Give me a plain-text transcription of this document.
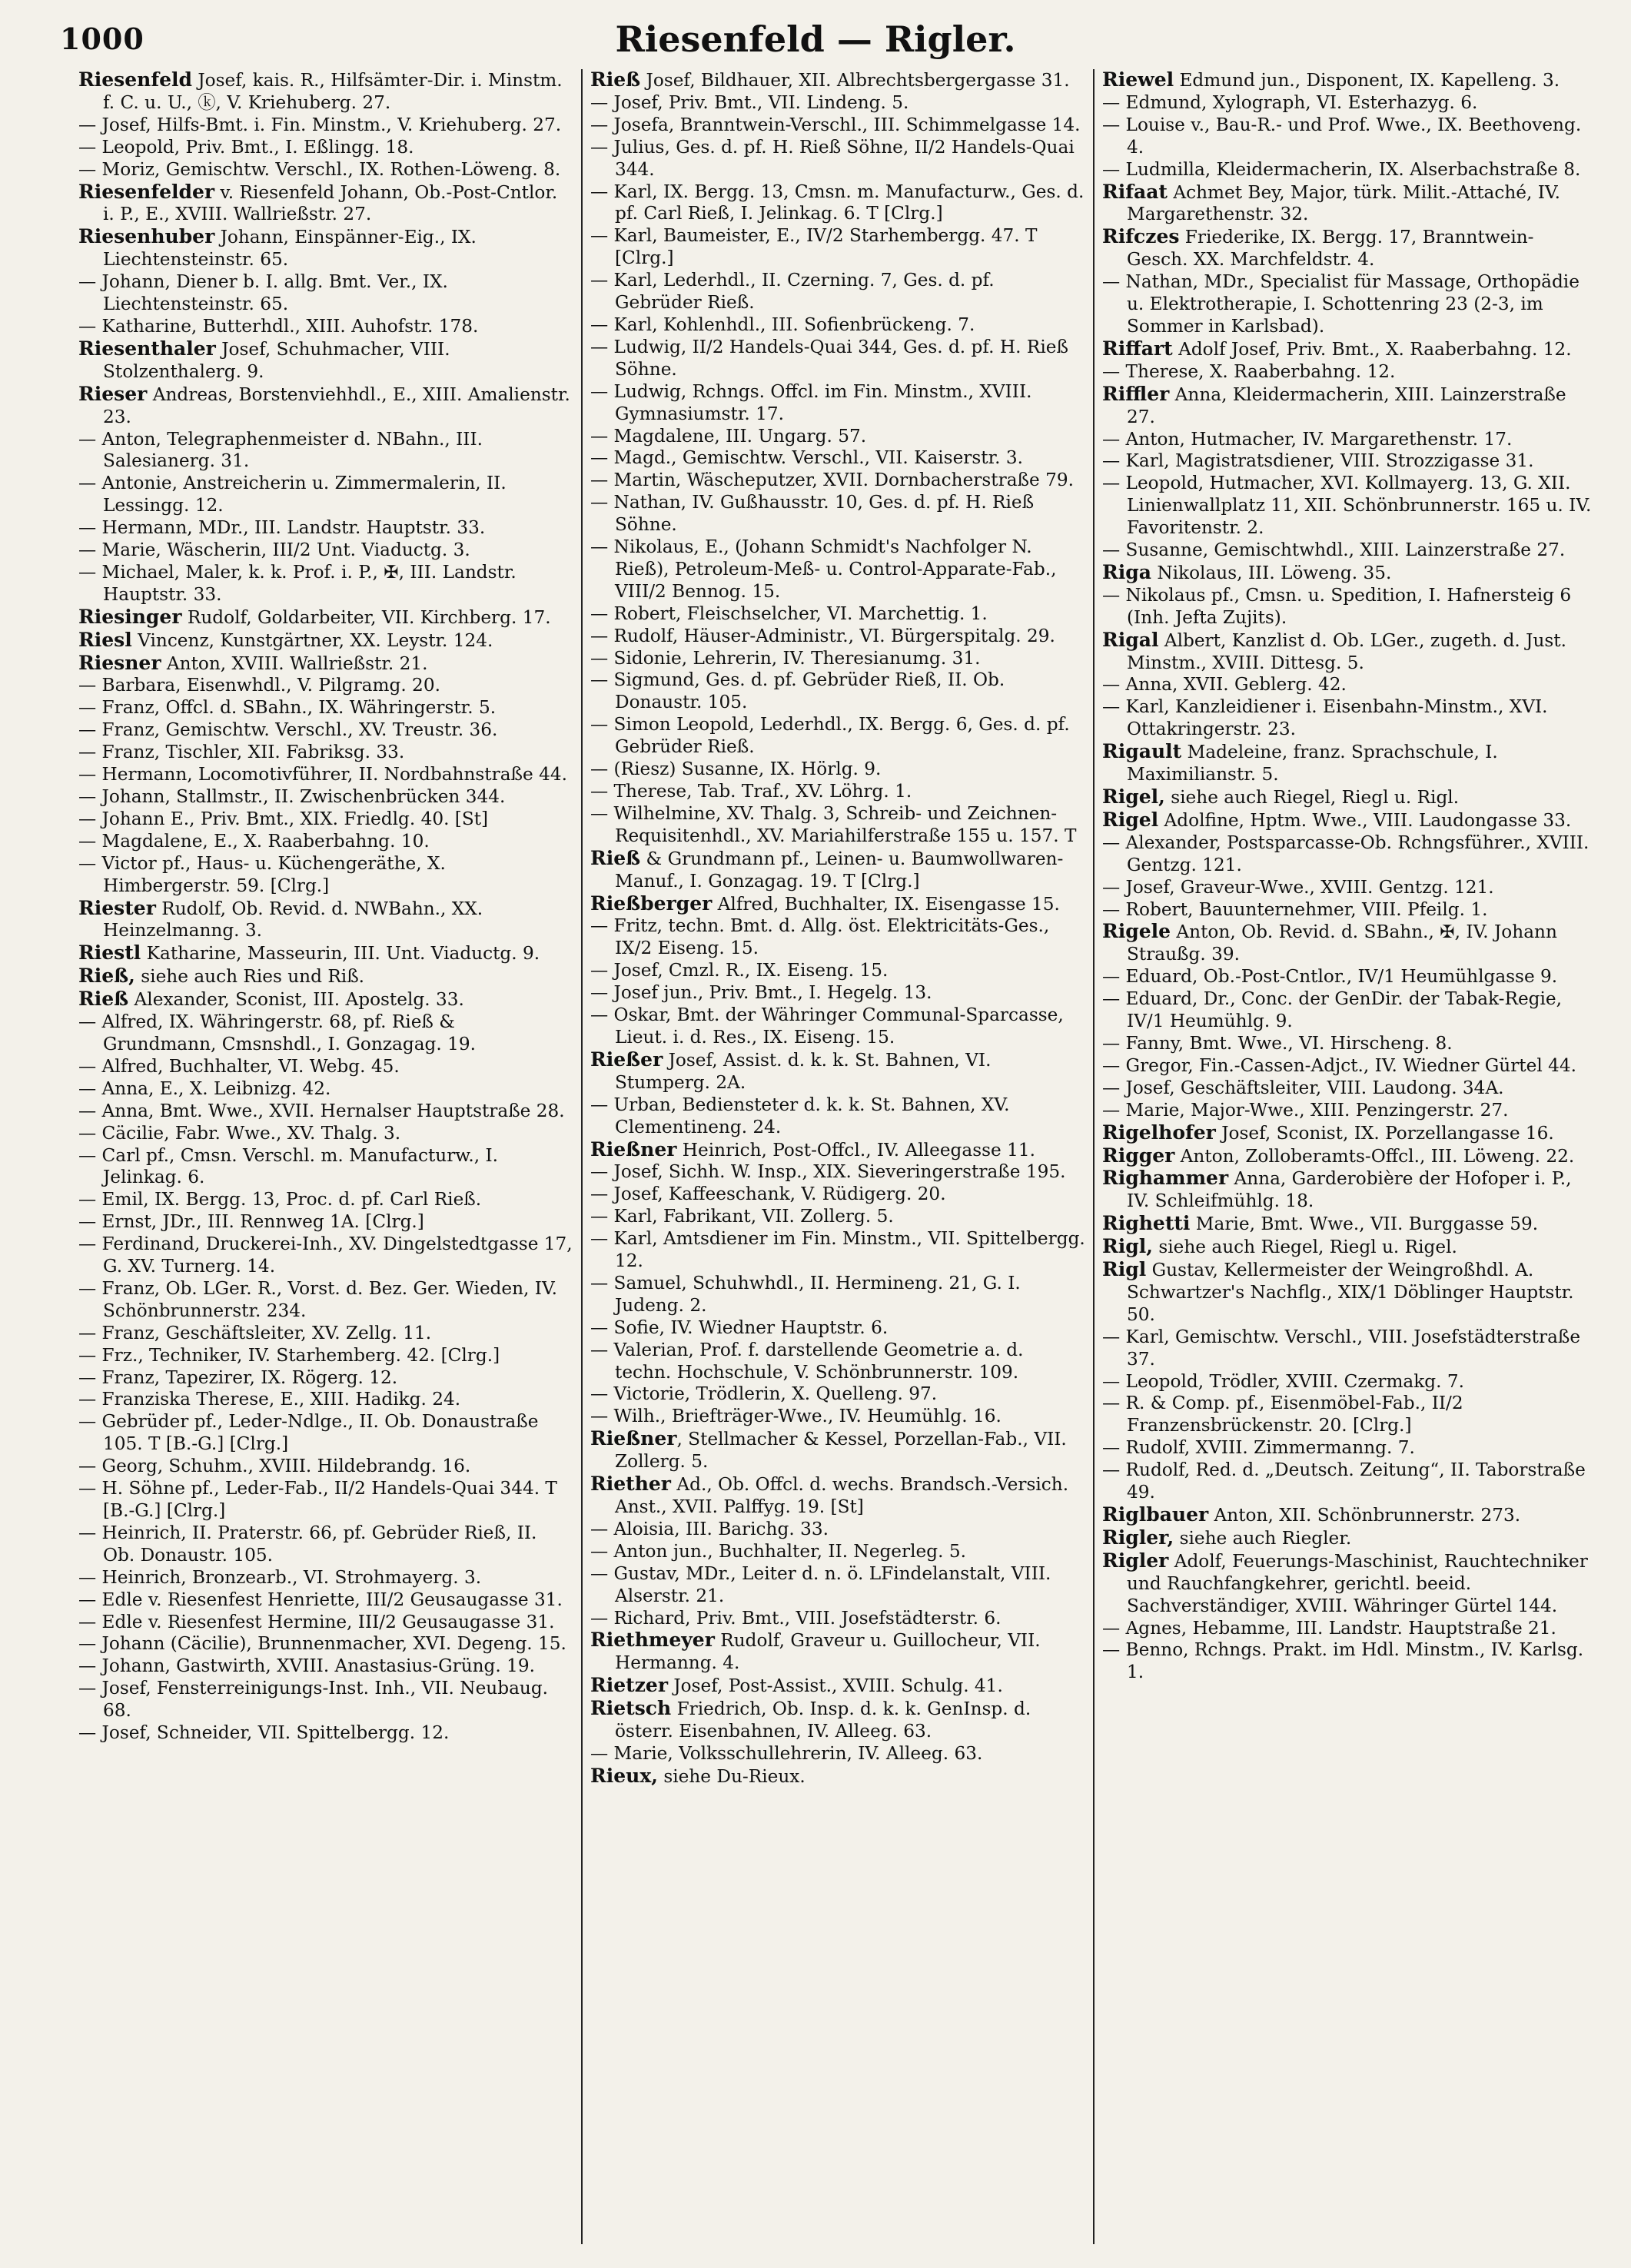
1000	Riesenfeld — Rigler.
Riesenfeld Josef, kais. R., Hilfsämter-Dir. i. Minstm. f. C. u. U., ⓚ, V. Kriehuberg. 27.
— Josef, Hilfs-Bmt. i. Fin. Minstm., V. Kriehuberg. 27.
— Leopold, Priv. Bmt., I. Eßlingg. 18.
— Moriz, Gemischtw. Verschl., IX. Rothen-Löweng. 8.
Riesenfelder v. Riesenfeld Johann, Ob.-Post-Cntlor. i. P., E., XVIII. Wallrießstr. 27.
Riesenhuber Johann, Einspänner-Eig., IX. Liechtensteinstr. 65.
— Johann, Diener b. I. allg. Bmt. Ver., IX. Liechtensteinstr. 65.
— Katharine, Butterhdl., XIII. Auhofstr. 178.
Riesenthaler Josef, Schuhmacher, VIII. Stolzenthalerg. 9.
Rieser Andreas, Borstenviehhdl., E., XIII. Amalienstr. 23.
— Anton, Telegraphenmeister d. NBahn., III. Salesianerg. 31.
— Antonie, Anstreicherin u. Zimmermalerin, II. Lessingg. 12.
— Hermann, MDr., III. Landstr. Hauptstr. 33.
— Marie, Wäscherin, III/2 Unt. Viaductg. 3.
— Michael, Maler, k. k. Prof. i. P., ✠, III. Landstr. Hauptstr. 33.
Riesinger Rudolf, Goldarbeiter, VII. Kirchberg. 17.
Riesl Vincenz, Kunstgärtner, XX. Leystr. 124.
Riesner Anton, XVIII. Wallrießstr. 21.
— Barbara, Eisenwhdl., V. Pilgramg. 20.
— Franz, Offcl. d. SBahn., IX. Währingerstr. 5.
— Franz, Gemischtw. Verschl., XV. Treustr. 36.
— Franz, Tischler, XII. Fabriksg. 33.
— Hermann, Locomotivführer, II. Nordbahnstraße 44.
— Johann, Stallmstr., II. Zwischenbrücken 344.
— Johann E., Priv. Bmt., XIX. Friedlg. 40. [St]
— Magdalene, E., X. Raaberbahng. 10.
— Victor pf., Haus- u. Küchengeräthe, X. Himbergerstr. 59. [Clrg.]
Riester Rudolf, Ob. Revid. d. NWBahn., XX. Heinzelmanng. 3.
Riestl Katharine, Masseurin, III. Unt. Viaductg. 9.
Rieß, siehe auch Ries und Riß.
Rieß Alexander, Sconist, III. Apostelg. 33.
— Alfred, IX. Währingerstr. 68, pf. Rieß & Grundmann, Cmsnshdl., I. Gonzagag. 19.
— Alfred, Buchhalter, VI. Webg. 45.
— Anna, E., X. Leibnizg. 42.
— Anna, Bmt. Wwe., XVII. Hernalser Hauptstraße 28.
— Cäcilie, Fabr. Wwe., XV. Thalg. 3.
— Carl pf., Cmsn. Verschl. m. Manufacturw., I. Jelinkag. 6.
— Emil, IX. Bergg. 13, Proc. d. pf. Carl Rieß.
— Ernst, JDr., III. Rennweg 1A. [Clrg.]
— Ferdinand, Druckerei-Inh., XV. Dingelstedtgasse 17, G. XV. Turnerg. 14.
— Franz, Ob. LGer. R., Vorst. d. Bez. Ger. Wieden, IV. Schönbrunnerstr. 234.
— Franz, Geschäftsleiter, XV. Zellg. 11.
— Frz., Techniker, IV. Starhemberg. 42. [Clrg.]
— Franz, Tapezirer, IX. Rögerg. 12.
— Franziska Therese, E., XIII. Hadikg. 24.
— Gebrüder pf., Leder-Ndlge., II. Ob. Donaustraße 105. T [B.-G.] [Clrg.]
— Georg, Schuhm., XVIII. Hildebrandg. 16.
— H. Söhne pf., Leder-Fab., II/2 Handels-Quai 344. T [B.-G.] [Clrg.]
— Heinrich, II. Praterstr. 66, pf. Gebrüder Rieß, II. Ob. Donaustr. 105.
— Heinrich, Bronzearb., VI. Strohmayerg. 3.
— Edle v. Riesenfest Henriette, III/2 Geusaugasse 31.
— Edle v. Riesenfest Hermine, III/2 Geusaugasse 31.
— Johann (Cäcilie), Brunnenmacher, XVI. Degeng. 15.
— Johann, Gastwirth, XVIII. Anastasius-Grüng. 19.
— Josef, Fensterreinigungs-Inst. Inh., VII. Neubaug. 68.
— Josef, Schneider, VII. Spittelbergg. 12.
Rieß Josef, Bildhauer, XII. Albrechtsbergergasse 31.
— Josef, Priv. Bmt., VII. Lindeng. 5.
— Josefa, Branntwein-Verschl., III. Schimmelgasse 14.
— Julius, Ges. d. pf. H. Rieß Söhne, II/2 Handels-Quai 344.
— Karl, IX. Bergg. 13, Cmsn. m. Manufacturw., Ges. d. pf. Carl Rieß, I. Jelinkag. 6. T [Clrg.]
— Karl, Baumeister, E., IV/2 Starhembergg. 47. T [Clrg.]
— Karl, Lederhdl., II. Czerning. 7, Ges. d. pf. Gebrüder Rieß.
— Karl, Kohlenhdl., III. Sofienbrückeng. 7.
— Ludwig, II/2 Handels-Quai 344, Ges. d. pf. H. Rieß Söhne.
— Ludwig, Rchngs. Offcl. im Fin. Minstm., XVIII. Gymnasiumstr. 17.
— Magdalene, III. Ungarg. 57.
— Magd., Gemischtw. Verschl., VII. Kaiserstr. 3.
— Martin, Wäscheputzer, XVII. Dornbacherstraße 79.
— Nathan, IV. Gußhausstr. 10, Ges. d. pf. H. Rieß Söhne.
— Nikolaus, E., (Johann Schmidt's Nachfolger N. Rieß), Petroleum-Meß- u. Control-Apparate-Fab., VIII/2 Bennog. 15.
— Robert, Fleischselcher, VI. Marchettig. 1.
— Rudolf, Häuser-Administr., VI. Bürgerspitalg. 29.
— Sidonie, Lehrerin, IV. Theresianumg. 31.
— Sigmund, Ges. d. pf. Gebrüder Rieß, II. Ob. Donaustr. 105.
— Simon Leopold, Lederhdl., IX. Bergg. 6, Ges. d. pf. Gebrüder Rieß.
— (Riesz) Susanne, IX. Hörlg. 9.
— Therese, Tab. Traf., XV. Löhrg. 1.
— Wilhelmine, XV. Thalg. 3, Schreib- und Zeichnen-Requisitenhdl., XV. Mariahilferstraße 155 u. 157. T
Rieß & Grundmann pf., Leinen- u. Baumwollwaren-Manuf., I. Gonzagag. 19. T [Clrg.]
Rießberger Alfred, Buchhalter, IX. Eisengasse 15.
— Fritz, techn. Bmt. d. Allg. öst. Elektricitäts-Ges., IX/2 Eiseng. 15.
— Josef, Cmzl. R., IX. Eiseng. 15.
— Josef jun., Priv. Bmt., I. Hegelg. 13.
— Oskar, Bmt. der Währinger Communal-Sparcasse, Lieut. i. d. Res., IX. Eiseng. 15.
Rießer Josef, Assist. d. k. k. St. Bahnen, VI. Stumperg. 2A.
— Urban, Bediensteter d. k. k. St. Bahnen, XV. Clementineng. 24.
Rießner Heinrich, Post-Offcl., IV. Alleegasse 11.
— Josef, Sichh. W. Insp., XIX. Sieveringerstraße 195.
— Josef, Kaffeeschank, V. Rüdigerg. 20.
— Karl, Fabrikant, VII. Zollerg. 5.
— Karl, Amtsdiener im Fin. Minstm., VII. Spittelbergg. 12.
— Samuel, Schuhwhdl., II. Hermineng. 21, G. I. Judeng. 2.
— Sofie, IV. Wiedner Hauptstr. 6.
— Valerian, Prof. f. darstellende Geometrie a. d. techn. Hochschule, V. Schönbrunnerstr. 109.
— Victorie, Trödlerin, X. Quelleng. 97.
— Wilh., Briefträger-Wwe., IV. Heumühlg. 16.
Rießner, Stellmacher & Kessel, Porzellan-Fab., VII. Zollerg. 5.
Riether Ad., Ob. Offcl. d. wechs. Brandsch.-Versich. Anst., XVII. Palffyg. 19. [St]
— Aloisia, III. Barichg. 33.
— Anton jun., Buchhalter, II. Negerleg. 5.
— Gustav, MDr., Leiter d. n. ö. LFindelanstalt, VIII. Alserstr. 21.
— Richard, Priv. Bmt., VIII. Josefstädterstr. 6.
Riethmeyer Rudolf, Graveur u. Guillocheur, VII. Hermanng. 4.
Rietzer Josef, Post-Assist., XVIII. Schulg. 41.
Rietsch Friedrich, Ob. Insp. d. k. k. GenInsp. d. österr. Eisenbahnen, IV. Alleeg. 63.
— Marie, Volksschullehrerin, IV. Alleeg. 63.
Rieux, siehe Du-Rieux.
Riewel Edmund jun., Disponent, IX. Kapelleng. 3.
— Edmund, Xylograph, VI. Esterhazyg. 6.
— Louise v., Bau-R.- und Prof. Wwe., IX. Beethoveng. 4.
— Ludmilla, Kleidermacherin, IX. Alserbachstraße 8.
Rifaat Achmet Bey, Major, türk. Milit.-Attaché, IV. Margarethenstr. 32.
Rifczes Friederike, IX. Bergg. 17, Branntwein-Gesch. XX. Marchfeldstr. 4.
— Nathan, MDr., Specialist für Massage, Orthopädie u. Elektrotherapie, I. Schottenring 23 (2-3, im Sommer in Karlsbad).
Riffart Adolf Josef, Priv. Bmt., X. Raaberbahng. 12.
— Therese, X. Raaberbahng. 12.
Riffler Anna, Kleidermacherin, XIII. Lainzerstraße 27.
— Anton, Hutmacher, IV. Margarethenstr. 17.
— Karl, Magistratsdiener, VIII. Strozzigasse 31.
— Leopold, Hutmacher, XVI. Kollmayerg. 13, G. XII. Linienwallplatz 11, XII. Schönbrunnerstr. 165 u. IV. Favoritenstr. 2.
— Susanne, Gemischtwhdl., XIII. Lainzerstraße 27.
Riga Nikolaus, III. Löweng. 35.
— Nikolaus pf., Cmsn. u. Spedition, I. Hafnersteig 6 (Inh. Jefta Zujits).
Rigal Albert, Kanzlist d. Ob. LGer., zugeth. d. Just. Minstm., XVIII. Dittesg. 5.
— Anna, XVII. Geblerg. 42.
— Karl, Kanzleidiener i. Eisenbahn-Minstm., XVI. Ottakringerstr. 23.
Rigault Madeleine, franz. Sprachschule, I. Maximilianstr. 5.
Rigel, siehe auch Riegel, Riegl u. Rigl.
Rigel Adolfine, Hptm. Wwe., VIII. Laudongasse 33.
— Alexander, Postsparcasse-Ob. Rchngsführer., XVIII. Gentzg. 121.
— Josef, Graveur-Wwe., XVIII. Gentzg. 121.
— Robert, Bauunternehmer, VIII. Pfeilg. 1.
Rigele Anton, Ob. Revid. d. SBahn., ✠, IV. Johann Straußg. 39.
— Eduard, Ob.-Post-Cntlor., IV/1 Heumühlgasse 9.
— Eduard, Dr., Conc. der GenDir. der Tabak-Regie, IV/1 Heumühlg. 9.
— Fanny, Bmt. Wwe., VI. Hirscheng. 8.
— Gregor, Fin.-Cassen-Adjct., IV. Wiedner Gürtel 44.
— Josef, Geschäftsleiter, VIII. Laudong. 34A.
— Marie, Major-Wwe., XIII. Penzingerstr. 27.
Rigelhofer Josef, Sconist, IX. Porzellangasse 16.
Rigger Anton, Zolloberamts-Offcl., III. Löweng. 22.
Righammer Anna, Garderobière der Hofoper i. P., IV. Schleifmühlg. 18.
Righetti Marie, Bmt. Wwe., VII. Burggasse 59.
Rigl, siehe auch Riegel, Riegl u. Rigel.
Rigl Gustav, Kellermeister der Weingroßhdl. A. Schwartzer's Nachflg., XIX/1 Döblinger Hauptstr. 50.
— Karl, Gemischtw. Verschl., VIII. Josefstädterstraße 37.
— Leopold, Trödler, XVIII. Czermakg. 7.
— R. & Comp. pf., Eisenmöbel-Fab., II/2 Franzensbrückenstr. 20. [Clrg.]
— Rudolf, XVIII. Zimmermanng. 7.
— Rudolf, Red. d. „Deutsch. Zeitung“, II. Taborstraße 49.
Riglbauer Anton, XII. Schönbrunnerstr. 273.
Rigler, siehe auch Riegler.
Rigler Adolf, Feuerungs-Maschinist, Rauchtechniker und Rauchfangkehrer, gerichtl. beeid. Sachverständiger, XVIII. Währinger Gürtel 144.
— Agnes, Hebamme, III. Landstr. Hauptstraße 21.
— Benno, Rchngs. Prakt. im Hdl. Minstm., IV. Karlsg. 1.
